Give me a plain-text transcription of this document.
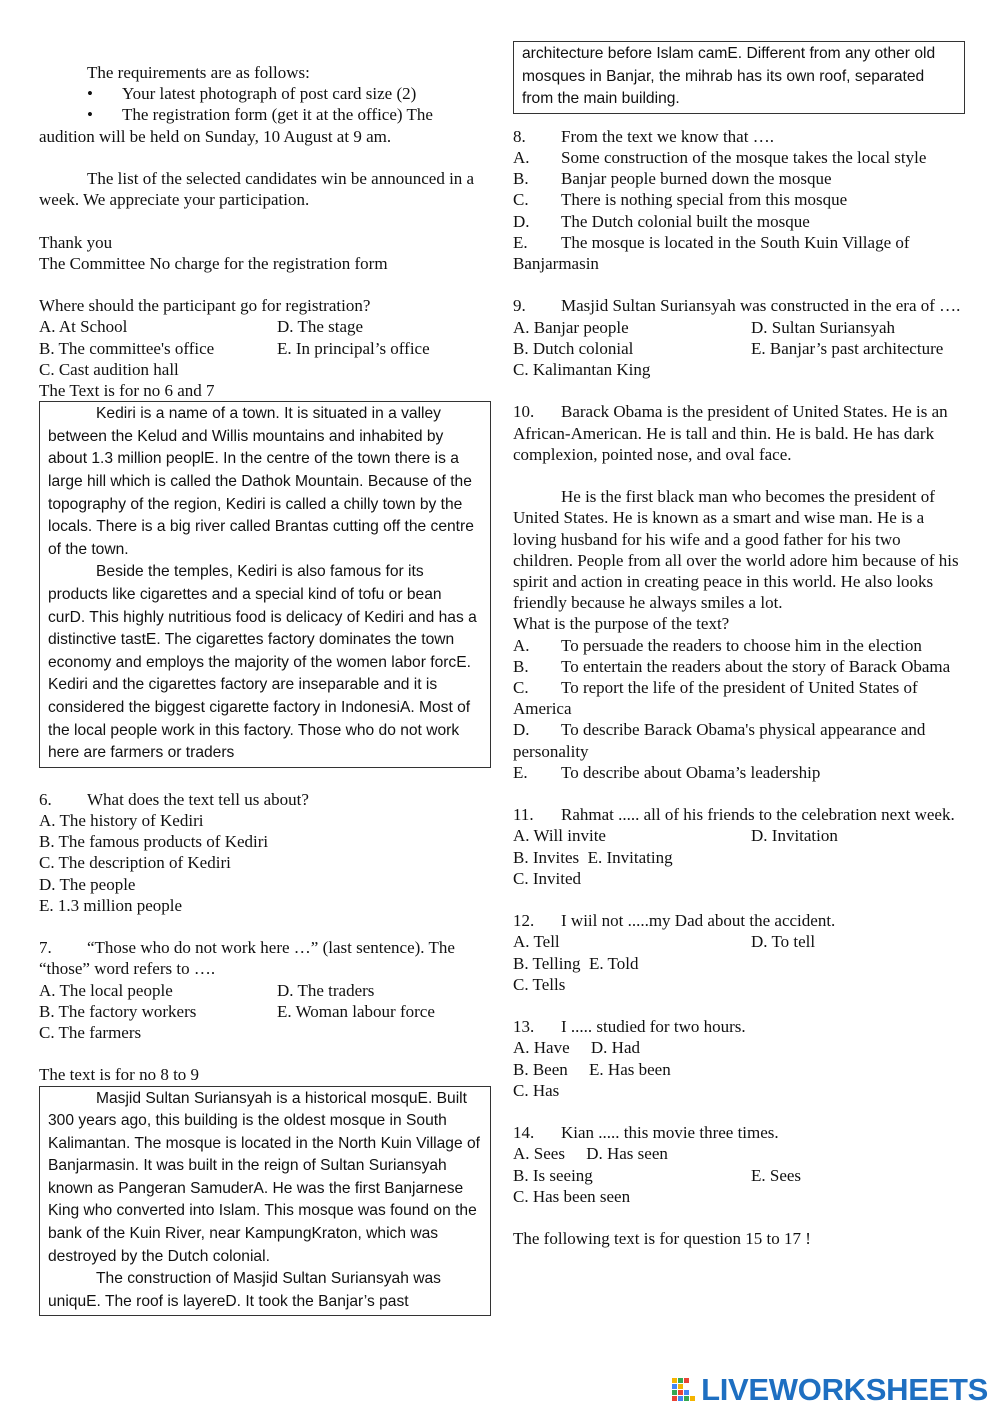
The requirements are as follows:

• Your latest photograph of post card size (2)

• The registration form (get it at the office) The audition will be held on Sunday, 10 August at 9 am.

The list of the selected candidates win be announced in a week. We appreciate your participation.

Thank you

The Committee No charge for the registration form

Where should the participant go for registration?

A. At School	D. The stage
B. The committee's office	E. In principal’s office

C. Cast audition hall

The Text is for no 6 and 7

Kediri is a name of a town. It is situated in a valley between the Kelud and Willis mountains and inhabited by about 1.3 million peoplE. In the centre of the town there is a large hill which is called the Dathok Mountain. Because of the topography of the region, Kediri is called a chilly town by the locals. There is a big river called Brantas cutting off the centre of the town.

Beside the temples, Kediri is also famous for its products like cigarettes and a special kind of tofu or bean curD. This highly nutritious food is delicacy of Kediri and has a distinctive tastE. The cigarettes factory dominates the town economy and employs the majority of the women labor forcE. Kediri and the cigarettes factory are inseparable and it is considered the biggest cigarette factory in IndonesiA. Most of the local people work in this factory. Those who do not work here are farmers or traders

6. What does the text tell us about?

A. The history of Kediri

B. The famous products of Kediri

C. The description of Kediri

D. The people

E. 1.3 million people

7. “Those who do not work here …” (last sentence). The “those” word refers to ….

A. The local people	D. The traders
B. The factory workers	E. Woman labour force

C. The farmers

The text is for no 8 to 9

Masjid Sultan Suriansyah is a historical mosquE. Built 300 years ago, this building is the oldest mosque in South Kalimantan. The mosque is located in the North Kuin Village of Banjarmasin. It was built in the reign of Sultan Suriansyah known as Pangeran SamuderA. He was the first Banjarnese King who converted into Islam. This mosque was found on the bank of the Kuin River, near KampungKraton, which was destroyed by the Dutch colonial.

The construction of Masjid Sultan Suriansyah was uniquE. The roof is layereD. It took the Banjar’s past

architecture before Islam camE. Different from any other old mosques in Banjar, the mihrab has its own roof, separated from the main building.

8. From the text we know that ….

A. Some construction of the mosque takes the local style

B. Banjar people burned down the mosque

C. There is nothing special from this mosque

D. The Dutch colonial built the mosque

E. The mosque is located in the South Kuin Village of Banjarmasin

9. Masjid Sultan Suriansyah was constructed in the era of ….

A. Banjar people	D. Sultan Suriansyah
B. Dutch colonial	E. Banjar’s past architecture

C. Kalimantan King

10. Barack Obama is the president of United States. He is an African-American. He is tall and thin. He is bald. He has dark complexion, pointed nose, and oval face.

He is the first black man who becomes the president of United States. He is known as a smart and wise man. He is a loving husband for his wife and a good father for his two children. People from all over the world adore him because of his spirit and action in creating peace in this world. He also looks friendly because he always smiles a lot.

What is the purpose of the text?

A. To persuade the readers to choose him in the election

B. To entertain the readers about the story of Barack Obama

C. To report the life of the president of United States of America

D. To describe Barack Obama's physical appearance and personality

E. To describe about Obama’s leadership

11. Rahmat ..... all of his friends to the celebration next week.

A. Will invite	D. Invitation

B. Invites E. Invitating

C. Invited

12. I wiil not .....my Dad about the accident.

A. Tell	D. To tell

B. Telling E. Told

C. Tells

13. I ..... studied for two hours.

A. Have D. Had

B. Been E. Has been

C. Has

14. Kian ..... this movie three times.

A. Sees D. Has seen

B. Is seeing	E. Sees

C. Has been seen

The following text is for question 15 to 17 !

LIVEWORKSHEETS
